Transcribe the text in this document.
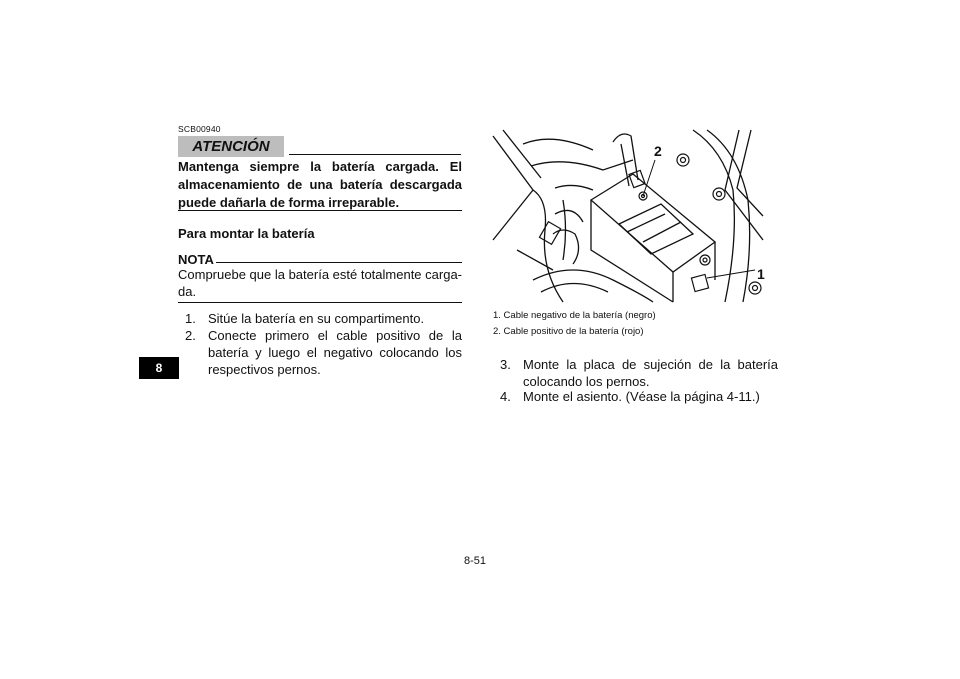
8
SCB00940
ATENCIÓN
Mantenga siempre la batería cargada. El almacenamiento de una batería descargada puede dañarla de forma irreparable.
Para montar la batería
NOTA
Compruebe que la batería esté totalmente cargada.
1. Sitúe la batería en su compartimento.
2. Conecte primero el cable positivo de la batería y luego el negativo colocando los respectivos pernos.
2
1
1. Cable negativo de la batería (negro)
2. Cable positivo de la batería (rojo)
3. Monte la placa de sujeción de la batería colocando los pernos.
4. Monte el asiento. (Véase la página 4-11.)
8-51
